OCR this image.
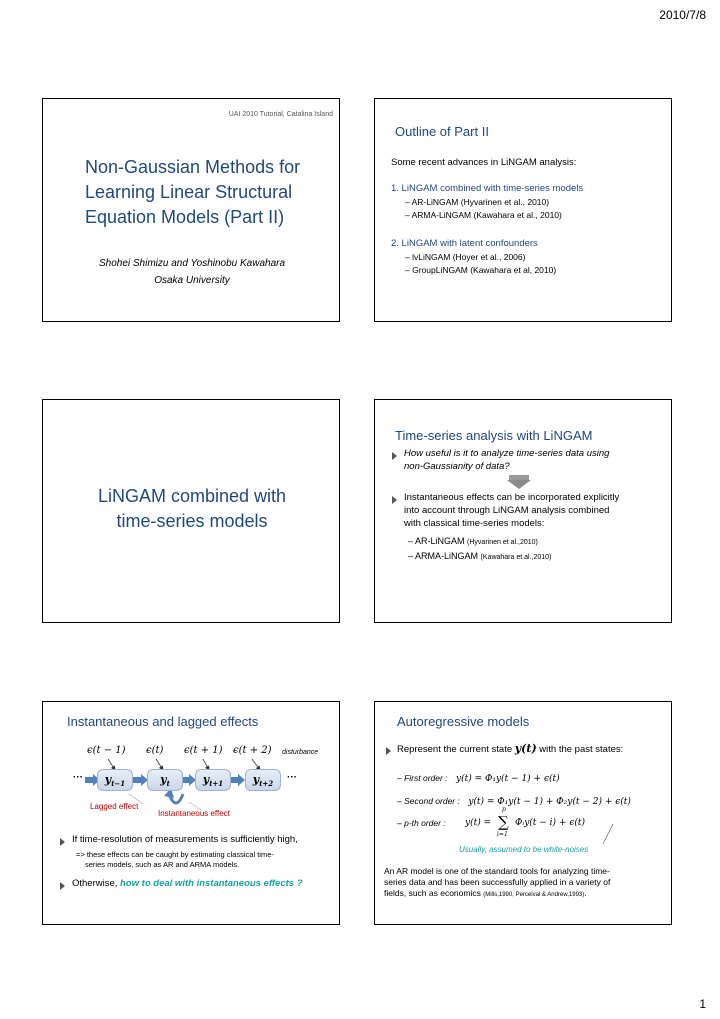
2010/7/8
1
UAI 2010 Tutorial, Catalina Island
Non-Gaussian Methods for
Learning Linear Structural
Equation Models (Part II)
Shohei Shimizu and Yoshinobu Kawahara
Osaka University
Outline of Part II
Some recent advances in LiNGAM analysis:
1. LiNGAM combined with time-series models
– AR-LiNGAM (Hyvarinen et al., 2010)
– ARMA-LiNGAM (Kawahara et al., 2010)
2. LiNGAM with latent confounders
– lvLiNGAM (Hoyer et al., 2006)
– GroupLiNGAM (Kawahara et al, 2010)
LiNGAM combined with
time-series models
Time-series analysis with LiNGAM
How useful is it to analyze time-series data using
non-Gaussianity of data?
Instantaneous effects can be incorporated explicitly
into account through LiNGAM analysis combined
with classical time-series models:
– AR-LiNGAM (Hyvarinen et al.,2010)
– ARMA-LiNGAM (Kawahara et al.,2010)
Instantaneous and lagged effects
ϵ(t − 1) ϵ(t) ϵ(t + 1) ϵ(t + 2) disturbance
···	$y_{t-1}$	$y_t$	$y_{t+1}$	$y_{t+2}$
···
Lagged effect
Instantaneous effect
If time-resolution of measurements is sufficiently high,
=> these effects can be caught by estimating classical time-
series models, such as AR and ARMA models.
Otherwise, how to deal with instantaneous effects ?
Autoregressive models
Represent the current state y(t) with the past states:
– First order : y(t) = Φ₁y(t − 1) + ϵ(t)
– Second order : y(t) = Φ₁y(t − 1) + Φ₂y(t − 2) + ϵ(t)
– p-th order : y(t) =
p
∑
i=1
Φᵢy(t − i) + ϵ(t)
Usually, assumed to be white-noises
An AR model is one of the standard tools for analyzing time-
series data and has been successfully applied in a variety of
fields, such as economics (Mills,1990, Perceival & Andrew,1993).
